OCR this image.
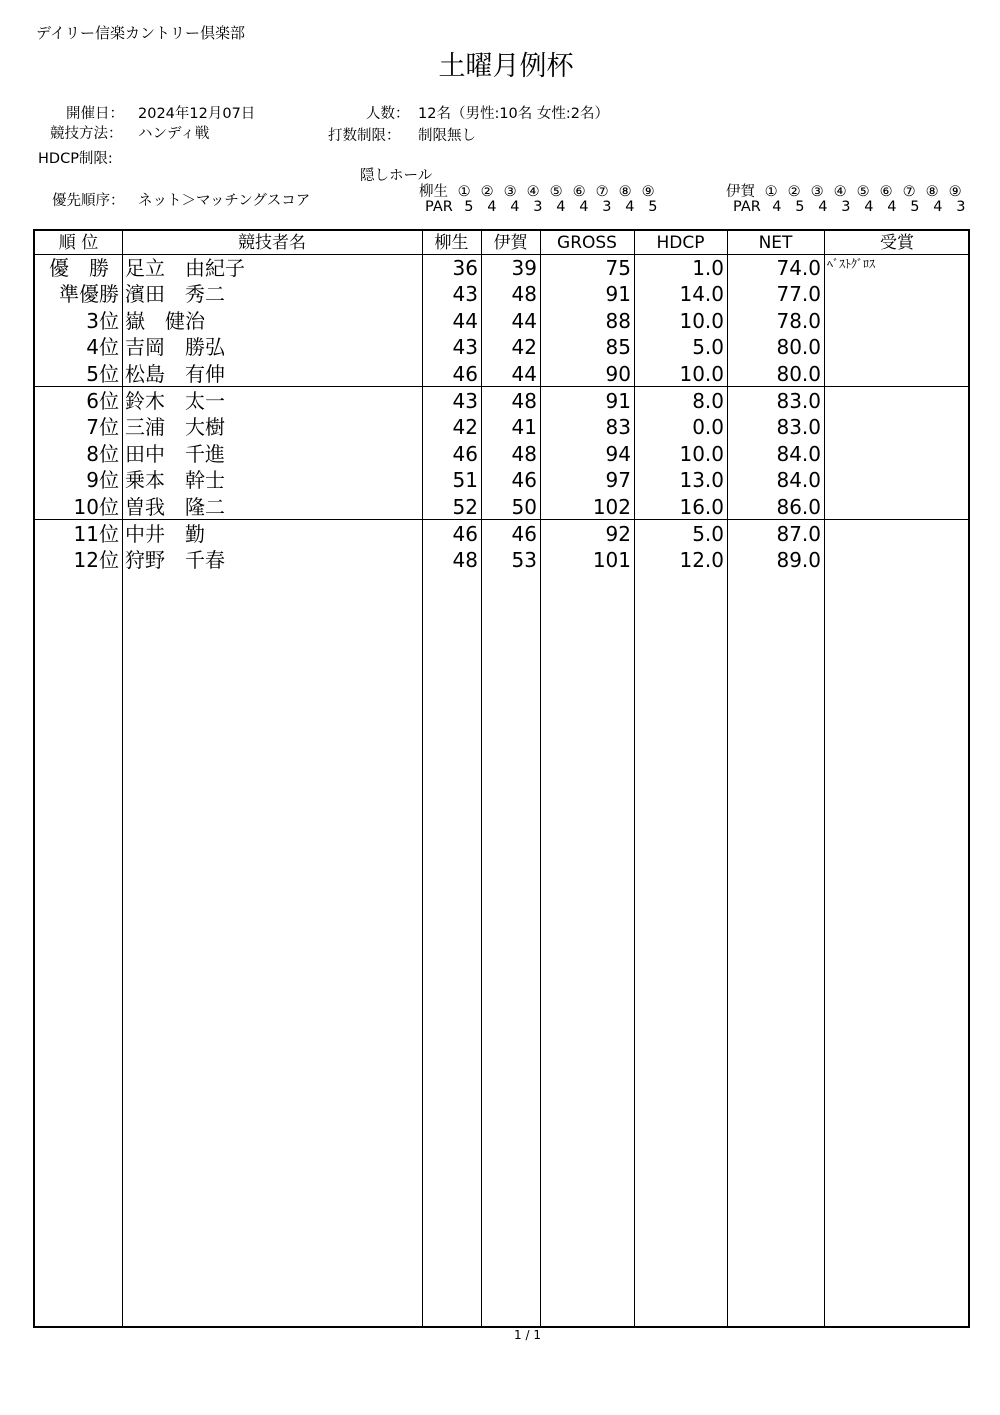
デイリー信楽カントリー倶楽部
土曜月例杯
開催日： 2024年12月07日	人数： 12名（男性:10名 女性:2名）
競技方法： ハンディ戦	打数制限： 制限無し
HDCP制限:
隠しホール
優先順序： ネット＞マッチングスコア
柳生 ① ② ③ ④ ⑤ ⑥ ⑦ ⑧ ⑨
PAR 5 4 4 3 4 4 3 4 5
伊賀 ① ② ③ ④ ⑤ ⑥ ⑦ ⑧ ⑨
PAR 4 5 4 3 4 4 5 4 3
順 位	競技者名	柳生	伊賀	GROSS	HDCP	NET	受賞
優　勝 足立　由紀子	36	39	75	1.0	74.0 ﾍﾞｽﾄｸﾞﾛｽ
準優勝 濱田　秀二	43	48	91	14.0	77.0
3位 嶽　健治	44	44	88	10.0	78.0
4位 吉岡　勝弘	43	42	85	5.0	80.0
5位 松島　有伸	46	44	90	10.0	80.0
6位 鈴木　太一	43	48	91	8.0	83.0
7位 三浦　大樹	42	41	83	0.0	83.0
8位 田中　千進	46	48	94	10.0	84.0
9位 乗本　幹士	51	46	97	13.0	84.0
10位 曽我　隆二	52	50	102	16.0	86.0
11位 中井　勤	46	46	92	5.0	87.0
12位 狩野　千春	48	53	101	12.0	89.0
1 / 1
